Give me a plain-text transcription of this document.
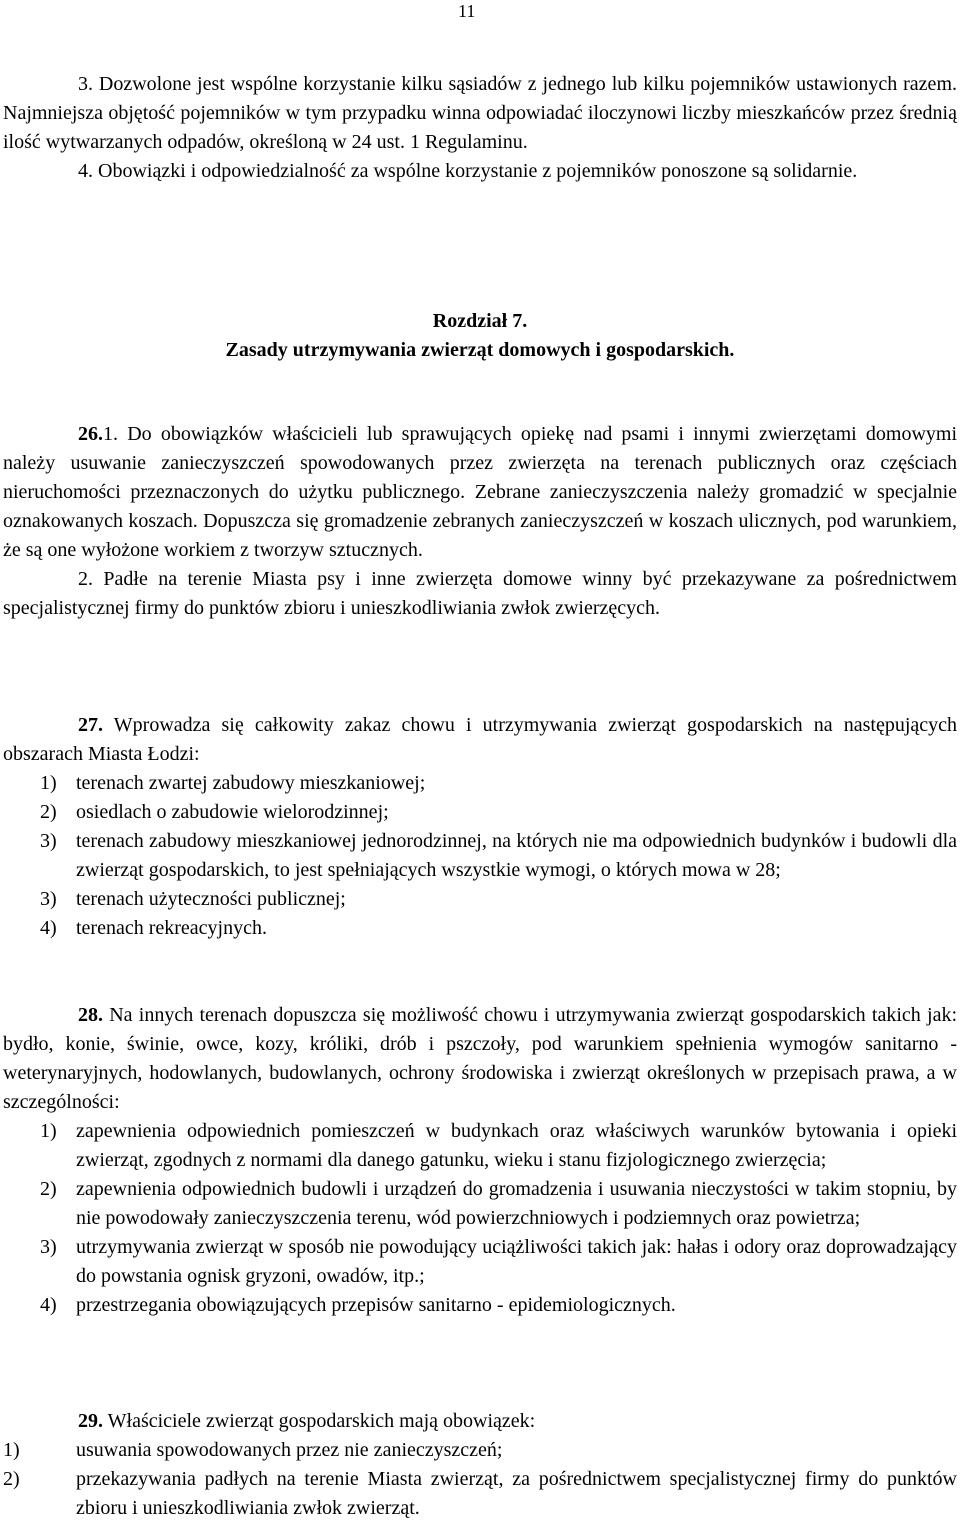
11

3. Dozwolone jest wspólne korzystanie kilku sąsiadów z jednego lub kilku pojemników ustawionych razem. Najmniejsza objętość pojemników w tym przypadku winna odpowiadać iloczynowi liczby mieszkańców przez średnią ilość wytwarzanych odpadów, określoną w 24 ust. 1 Regulaminu.

4. Obowiązki i odpowiedzialność za wspólne korzystanie z pojemników ponoszone są solidarnie.

Rozdział 7.
Zasady utrzymywania zwierząt domowych i gospodarskich.

26.1. Do obowiązków właścicieli lub sprawujących opiekę nad psami i innymi zwierzętami domowymi należy usuwanie zanieczyszczeń spowodowanych przez zwierzęta na terenach publicznych oraz częściach nieruchomości przeznaczonych do użytku publicznego. Zebrane zanieczyszczenia należy gromadzić w specjalnie oznakowanych koszach. Dopuszcza się gromadzenie zebranych zanieczyszczeń w koszach ulicznych, pod warunkiem, że są one wyłożone workiem z tworzyw sztucznych.

2. Padłe na terenie Miasta psy i inne zwierzęta domowe winny być przekazywane za pośrednictwem specjalistycznej firmy do punktów zbioru i unieszkodliwiania zwłok zwierzęcych.

27. Wprowadza się całkowity zakaz chowu i utrzymywania zwierząt gospodarskich na następujących obszarach Miasta Łodzi:

1) terenach zwartej zabudowy mieszkaniowej;
2) osiedlach o zabudowie wielorodzinnej;
3) terenach zabudowy mieszkaniowej jednorodzinnej, na których nie ma odpowiednich budynków i budowli dla zwierząt gospodarskich, to jest spełniających wszystkie wymogi, o których mowa w 28;
3) terenach użyteczności publicznej;
4) terenach rekreacyjnych.

28. Na innych terenach dopuszcza się możliwość chowu i utrzymywania zwierząt gospodarskich takich jak: bydło, konie, świnie, owce, kozy, króliki, drób i pszczoły, pod warunkiem spełnienia wymogów sanitarno - weterynaryjnych, hodowlanych, budowlanych, ochrony środowiska i zwierząt określonych w przepisach prawa, a w szczególności:

1) zapewnienia odpowiednich pomieszczeń w budynkach oraz właściwych warunków bytowania i opieki zwierząt, zgodnych z normami dla danego gatunku, wieku i stanu fizjologicznego zwierzęcia;
2) zapewnienia odpowiednich budowli i urządzeń do gromadzenia i usuwania nieczystości w takim stopniu, by nie powodowały zanieczyszczenia terenu, wód powierzchniowych i podziemnych oraz powietrza;
3) utrzymywania zwierząt w sposób nie powodujący uciążliwości takich jak: hałas i odory oraz doprowadzający do powstania ognisk gryzoni, owadów, itp.;
4) przestrzegania obowiązujących przepisów sanitarno - epidemiologicznych.

29. Właściciele zwierząt gospodarskich mają obowiązek:

1)	usuwania spowodowanych przez nie zanieczyszczeń;
2)	przekazywania padłych na terenie Miasta zwierząt, za pośrednictwem specjalistycznej firmy do punktów zbioru i unieszkodliwiania zwłok zwierząt.
